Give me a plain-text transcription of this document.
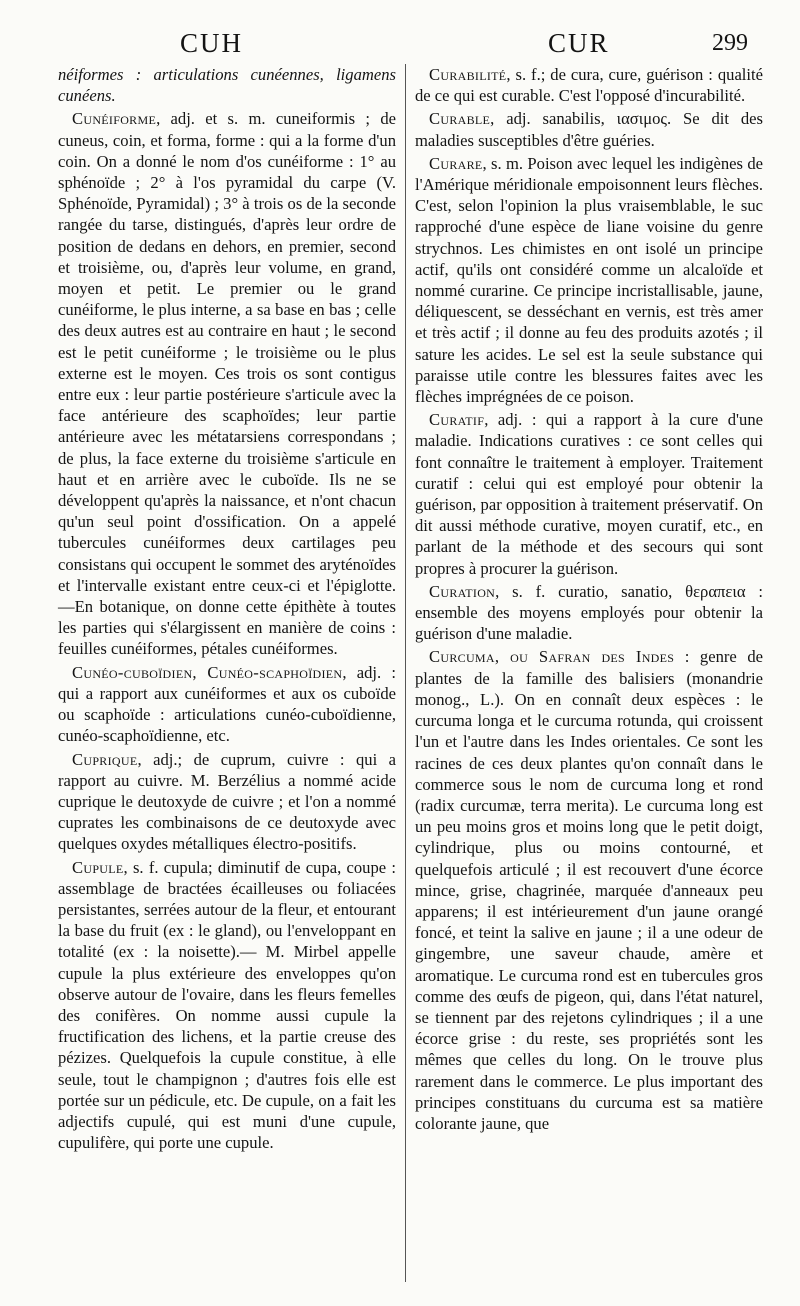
CUH	CUR	299

néiformes : articulations cunéennes, ligamens cunéens.

Cunéiforme, adj. et s. m. cuneiformis ; de cuneus, coin, et forma, forme : qui a la forme d'un coin. On a donné le nom d'os cunéiforme : 1° au sphénoïde ; 2° à l'os pyramidal du carpe (V. Sphénoïde, Pyramidal) ; 3° à trois os de la seconde rangée du tarse, distingués, d'après leur ordre de position de dedans en dehors, en premier, second et troisième, ou, d'après leur volume, en grand, moyen et petit. Le premier ou le grand cunéiforme, le plus interne, a sa base en bas ; celle des deux autres est au contraire en haut ; le second est le petit cunéiforme ; le troisième ou le plus externe est le moyen. Ces trois os sont contigus entre eux : leur partie postérieure s'articule avec la face antérieure des scaphoïdes; leur partie antérieure avec les métatarsiens correspondans ; de plus, la face externe du troisième s'articule en haut et en arrière avec le cuboïde. Ils ne se développent qu'après la naissance, et n'ont chacun qu'un seul point d'ossification. On a appelé tubercules cunéiformes deux cartilages peu consistans qui occupent le sommet des aryténoïdes et l'intervalle existant entre ceux-ci et l'épiglotte.—En botanique, on donne cette épithète à toutes les parties qui s'élargissent en manière de coins : feuilles cunéiformes, pétales cunéiformes.

Cunéo-cuboïdien, Cunéo-scaphoïdien, adj. : qui a rapport aux cunéiformes et aux os cuboïde ou scaphoïde : articulations cunéo-cuboïdienne, cunéo-scaphoïdienne, etc.

Cuprique, adj.; de cuprum, cuivre : qui a rapport au cuivre. M. Berzélius a nommé acide cuprique le deutoxyde de cuivre ; et l'on a nommé cuprates les combinaisons de ce deutoxyde avec quelques oxydes métalliques électro-positifs.

Cupule, s. f. cupula; diminutif de cupa, coupe : assemblage de bractées écailleuses ou foliacées persistantes, serrées autour de la fleur, et entourant la base du fruit (ex : le gland), ou l'enveloppant en totalité (ex : la noisette).— M. Mirbel appelle cupule la plus extérieure des enveloppes qu'on observe autour de l'ovaire, dans les fleurs femelles des conifères. On nomme aussi cupule la fructification des lichens, et la partie creuse des pézizes. Quelquefois la cupule constitue, à elle seule, tout le champignon ; d'autres fois elle est portée sur un pédicule, etc. De cupule, on a fait les adjectifs cupulé, qui est muni d'une cupule, cupulifère, qui porte une cupule.

Curabilité, s. f.; de cura, cure, guérison : qualité de ce qui est curable. C'est l'opposé d'incurabilité.

Curable, adj. sanabilis, ιασιμος. Se dit des maladies susceptibles d'être guéries.

Curare, s. m. Poison avec lequel les indigènes de l'Amérique méridionale empoisonnent leurs flèches. C'est, selon l'opinion la plus vraisemblable, le suc rapproché d'une espèce de liane voisine du genre strychnos. Les chimistes en ont isolé un principe actif, qu'ils ont considéré comme un alcaloïde et nommé curarine. Ce principe incristallisable, jaune, déliquescent, se desséchant en vernis, est très amer et très actif ; il donne au feu des produits azotés ; il sature les acides. Le sel est la seule substance qui paraisse utile contre les blessures faites avec les flèches imprégnées de ce poison.

Curatif, adj. : qui a rapport à la cure d'une maladie. Indications curatives : ce sont celles qui font connaître le traitement à employer. Traitement curatif : celui qui est employé pour obtenir la guérison, par opposition à traitement préservatif. On dit aussi méthode curative, moyen curatif, etc., en parlant de la méthode et des secours qui sont propres à procurer la guérison.

Curation, s. f. curatio, sanatio, θεραπεια : ensemble des moyens employés pour obtenir la guérison d'une maladie.

Curcuma, ou Safran des Indes : genre de plantes de la famille des balisiers (monandrie monog., L.). On en connaît deux espèces : le curcuma longa et le curcuma rotunda, qui croissent l'un et l'autre dans les Indes orientales. Ce sont les racines de ces deux plantes qu'on connaît dans le commerce sous le nom de curcuma long et rond (radix curcumæ, terra merita). Le curcuma long est un peu moins gros et moins long que le petit doigt, cylindrique, plus ou moins contourné, et quelquefois articulé ; il est recouvert d'une écorce mince, grise, chagrinée, marquée d'anneaux peu apparens; il est intérieurement d'un jaune orangé foncé, et teint la salive en jaune ; il a une odeur de gingembre, une saveur chaude, amère et aromatique. Le curcuma rond est en tubercules gros comme des œufs de pigeon, qui, dans l'état naturel, se tiennent par des rejetons cylindriques ; il a une écorce grise : du reste, ses propriétés sont les mêmes que celles du long. On le trouve plus rarement dans le commerce. Le plus important des principes constituans du curcuma est sa matière colorante jaune, que
